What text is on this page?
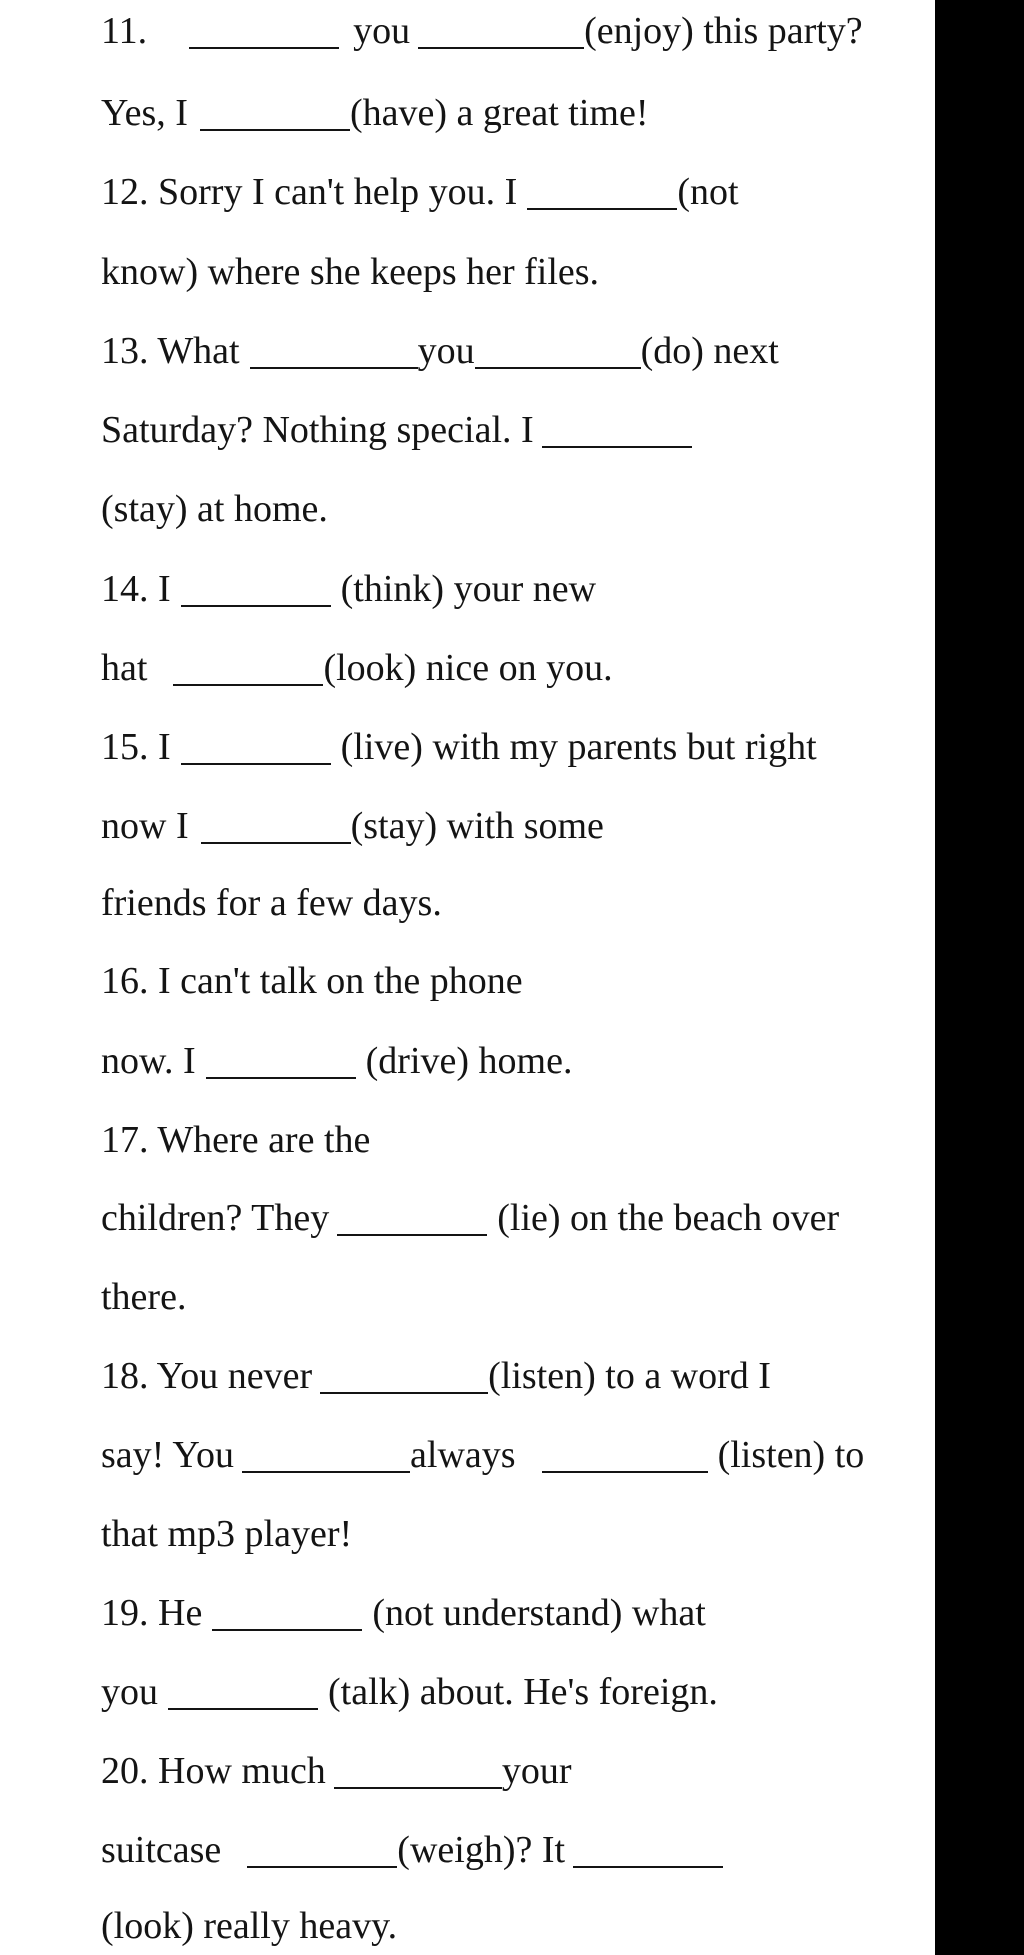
11.	you	(enjoy) this party?
Yes, I	(have) a great time!
12. Sorry I can't help you. I	(not
know) where she keeps her files.
13. What	you	(do) next
Saturday? Nothing special. I
(stay) at home.
14. I	(think) your new
hat	(look) nice on you.
15. I	(live) with my parents but right
now I	(stay) with some
friends for a few days.
16. I can't talk on the phone
now. I	(drive) home.
17. Where are the
children? They	(lie) on the beach over
there.
18. You never	(listen) to a word I
say! You	always	(listen) to
that mp3 player!
19. He	(not understand) what
you	(talk) about. He's foreign.
20. How much	your
suitcase	(weigh)? It
(look) really heavy.
